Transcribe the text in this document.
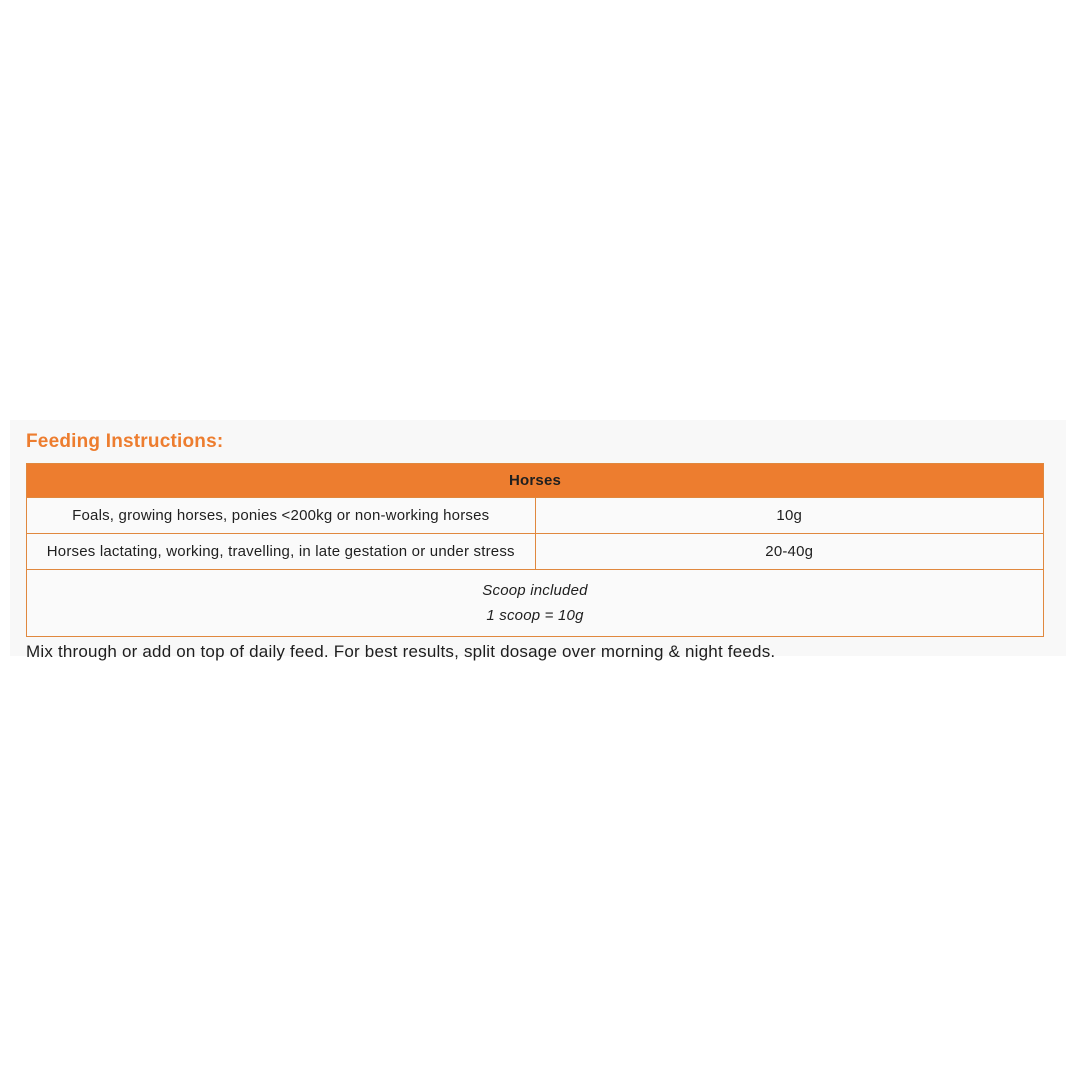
Feeding Instructions:
Horses	
Foals, growing horses, ponies <200kg or non-working horses	10g
Horses lactating, working, travelling, in late gestation or under stress	20-40g

Scoop included
1 scoop = 10g	
Mix through or add on top of daily feed. For best results, split dosage over morning & night feeds.
